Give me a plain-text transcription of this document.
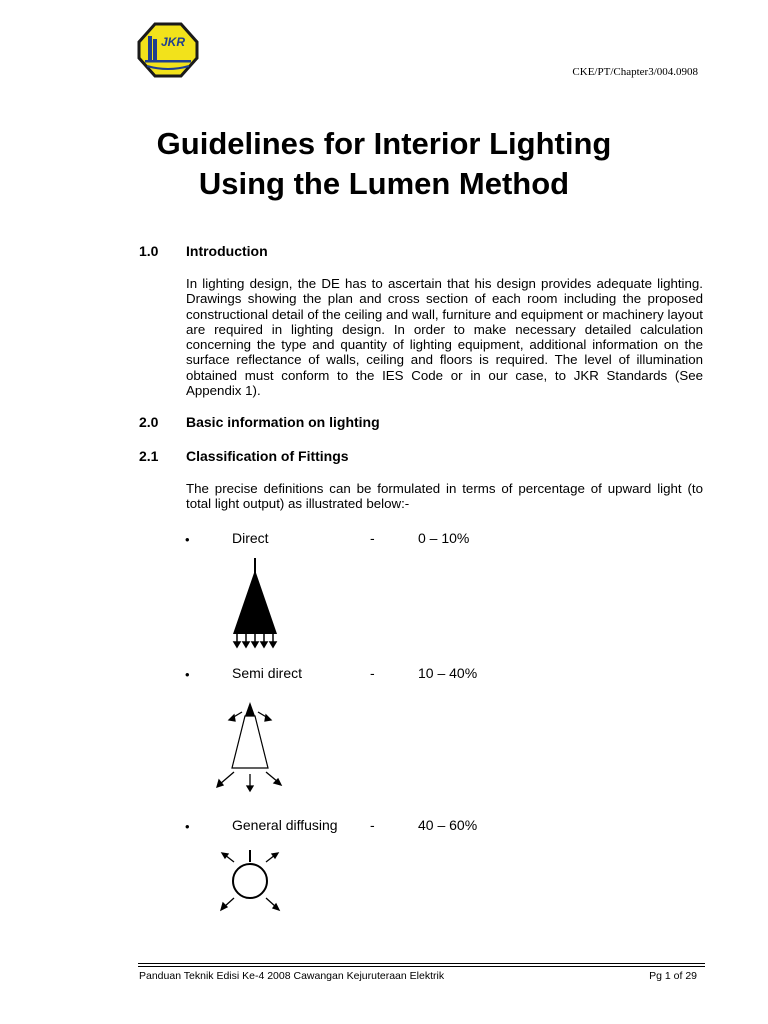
JKR
CKE/PT/Chapter3/004.0908
Guidelines for Interior Lighting
Using the Lumen Method
1.0 Introduction
In lighting design, the DE has to ascertain that his design provides adequate lighting. Drawings showing the plan and cross section of each room including the proposed constructional detail of the ceiling and wall, furniture and equipment or machinery layout are required in lighting design. In order to make necessary detailed calculation concerning the type and quantity of lighting equipment, additional information on the surface reflectance of walls, ceiling and floors is required. The level of illumination obtained must conform to the IES Code or in our case, to JKR Standards (See Appendix 1).
2.0 Basic information on lighting
2.1 Classification of Fittings
The precise definitions can be formulated in terms of percentage of upward light (to total light output) as illustrated below:-
•	Direct	-	0 – 10%
•	Semi direct	-	10 – 40%
•	General diffusing -	40 – 60%
Panduan Teknik Edisi Ke-4 2008 Cawangan Kejuruteraan Elektrik	Pg 1 of 29
